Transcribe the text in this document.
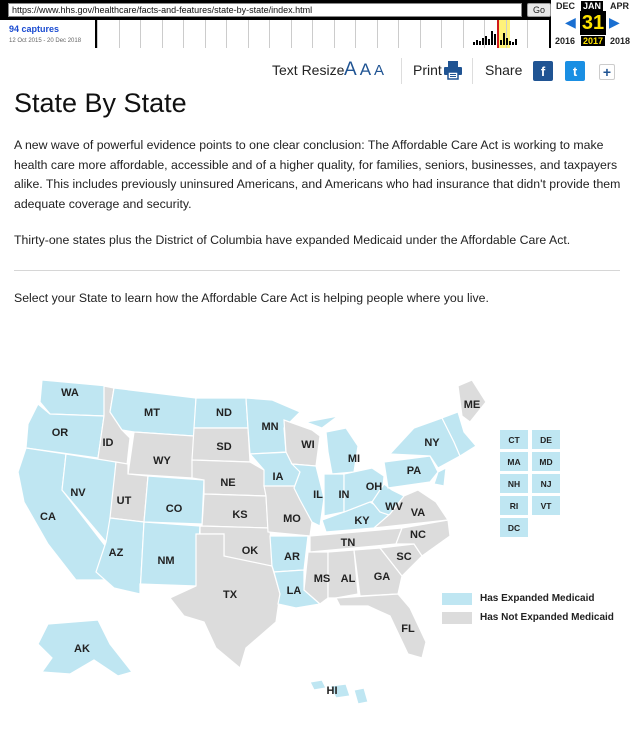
https://www.hhs.gov/healthcare/facts-and-features/state-by-state/index.html	Go
94 captures
12 Oct 2015 - 20 Dec 2018
DEC JAN APR
◀ 31 ▶
2016 2017 2018
Text Resize A A A Print	Share	f	t	+
State By State

A new wave of powerful evidence points to one clear conclusion: The Affordable Care Act is working to make health care more affordable, accessible and of a higher quality, for families, seniors, businesses, and taxpayers alike. This includes previously uninsured Americans, and Americans who had insurance that didn't provide them adequate coverage and security.

Thirty-one states plus the District of Columbia have expanded Medicaid under the Affordable Care Act.

Select your State to learn how the Affordable Care Act is helping people where you live.

WA
OR
CA
ID
NV
MT
WY
UT
AZ
CO
NM
ND
SD
NE
KS
OK
TX
MN
IA
MO
AR
LA
WI
IL
MS
MI
IN
KY
TN
AL
OH
WV
GA
FL
SC
NC
VA
PA
NY
ME
AK
HI
CT	DE
MA	MD
NH	NJ
RI	VT
DC
Has Expanded Medicaid
Has Not Expanded Medicaid
